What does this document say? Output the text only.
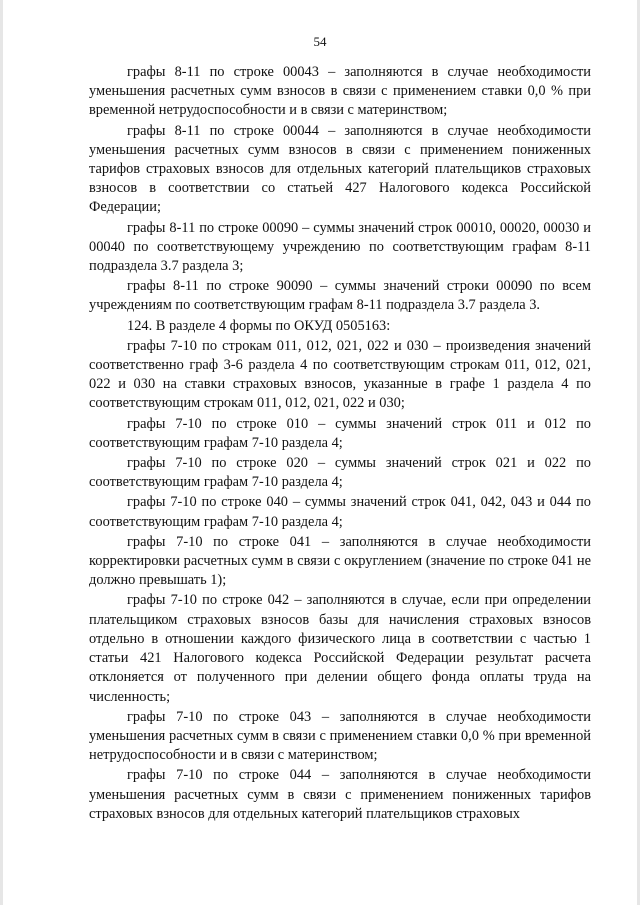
54

графы 8-11 по строке 00043 – заполняются в случае необходимости уменьшения расчетных сумм взносов в связи с применением ставки 0,0 % при временной нетрудоспособности и в связи с материнством;

графы 8-11 по строке 00044 – заполняются в случае необходимости уменьшения расчетных сумм взносов в связи с применением пониженных тарифов страховых взносов для отдельных категорий плательщиков страховых взносов в соответствии со статьей 427 Налогового кодекса Российской Федерации;

графы 8-11 по строке 00090 – суммы значений строк 00010, 00020, 00030 и 00040 по соответствующему учреждению по соответствующим графам 8-11 подраздела 3.7 раздела 3;

графы 8-11 по строке 90090 – суммы значений строки 00090 по всем учреждениям по соответствующим графам 8-11 подраздела 3.7 раздела 3.

124. В разделе 4 формы по ОКУД 0505163:

графы 7-10 по строкам 011, 012, 021, 022 и 030 – произведения значений соответственно граф 3-6 раздела 4 по соответствующим строкам 011, 012, 021, 022 и 030 на ставки страховых взносов, указанные в графе 1 раздела 4 по соответствующим строкам 011, 012, 021, 022 и 030;

графы 7-10 по строке 010 – суммы значений строк 011 и 012 по соответствующим графам 7-10 раздела 4;

графы 7-10 по строке 020 – суммы значений строк 021 и 022 по соответствующим графам 7-10 раздела 4;

графы 7-10 по строке 040 – суммы значений строк 041, 042, 043 и 044 по соответствующим графам 7-10 раздела 4;

графы 7-10 по строке 041 – заполняются в случае необходимости корректировки расчетных сумм в связи с округлением (значение по строке 041 не должно превышать 1);

графы 7-10 по строке 042 – заполняются в случае, если при определении плательщиком страховых взносов базы для начисления страховых взносов отдельно в отношении каждого физического лица в соответствии с частью 1 статьи 421 Налогового кодекса Российской Федерации результат расчета отклоняется от полученного при делении общего фонда оплаты труда на численность;

графы 7-10 по строке 043 – заполняются в случае необходимости уменьшения расчетных сумм в связи с применением ставки 0,0 % при временной нетрудоспособности и в связи с материнством;

графы 7-10 по строке 044 – заполняются в случае необходимости уменьшения расчетных сумм в связи с применением пониженных тарифов страховых взносов для отдельных категорий плательщиков страховых
